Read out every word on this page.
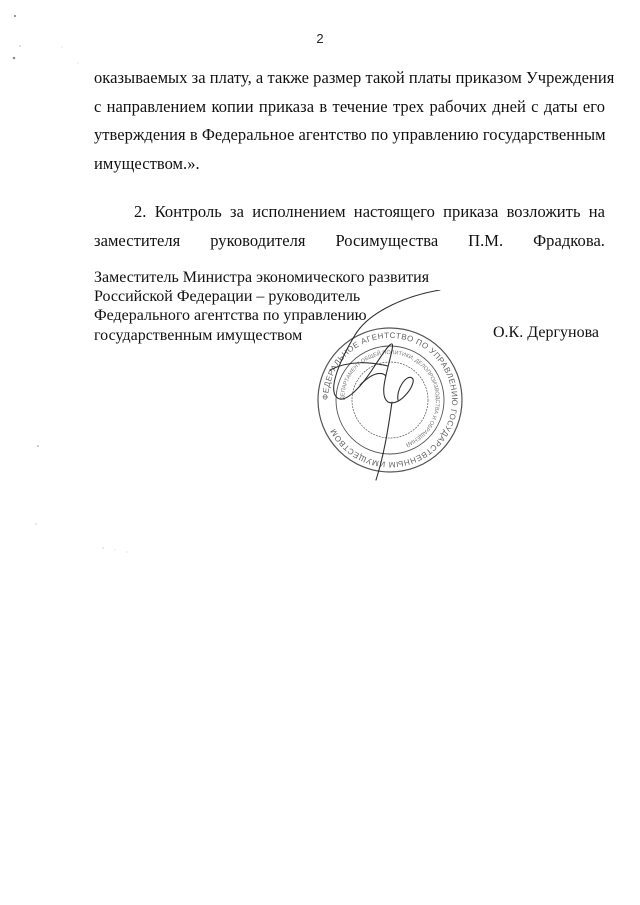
2
оказываемых за плату, а также размер такой платы приказом Учреждения
с направлением копии приказа в течение трех рабочих дней с даты его
утверждения в Федеральное агентство по управлению государственным
имуществом.».
2. Контроль за исполнением настоящего приказа возложить на
заместителя руководителя Росимущества П.М. Фрадкова.
Заместитель Министра экономического развития
Российской Федерации – руководитель
Федерального агентства по управлению
государственным имуществом	О.К. Дергунова
ФЕДЕРАЛЬНОЕ АГЕНТСТВО ПО УПРАВЛЕНИЮ ГОСУДАРСТВЕННЫМ ИМУЩЕСТВОМ
ДЕПАРТАМЕНТ ОБЩЕЙ ПОЛИТИКИ, ДЕЛОПРОИЗВОДСТВА И ОБРАЩЕНИЙ
